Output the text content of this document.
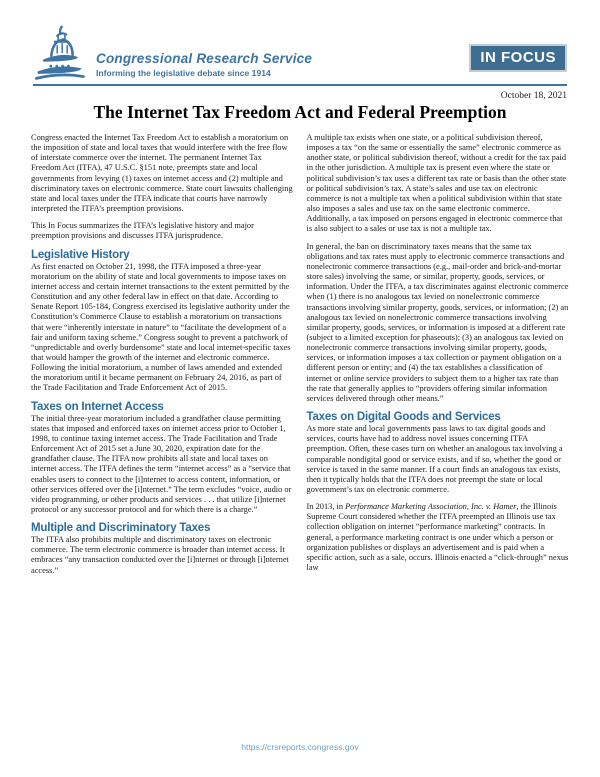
Congressional Research Service
Informing the legislative debate since 1914
IN FOCUS
October 18, 2021
The Internet Tax Freedom Act and Federal Preemption

Congress enacted the Internet Tax Freedom Act to establish a moratorium on the imposition of state and local taxes that would interfere with the free flow of interstate commerce over the internet. The permanent Internet Tax Freedom Act (ITFA), 47 U.S.C. §151 note, preempts state and local governments from levying (1) taxes on internet access and (2) multiple and discriminatory taxes on electronic commerce. State court lawsuits challenging state and local taxes under the ITFA indicate that courts have narrowly interpreted the ITFA’s preemption provisions.

This In Focus summarizes the ITFA’s legislative history and major preemption provisions and discusses ITFA jurisprudence.

Legislative History

As first enacted on October 21, 1998, the ITFA imposed a three-year moratorium on the ability of state and local governments to impose taxes on internet access and certain internet transactions to the extent permitted by the Constitution and any other federal law in effect on that date. According to Senate Report 105-184, Congress exercised its legislative authority under the Constitution’s Commerce Clause to establish a moratorium on transactions that were “inherently interstate in nature” to “facilitate the development of a fair and uniform taxing scheme.” Congress sought to prevent a patchwork of “unpredictable and overly burdensome” state and local internet-specific taxes that would hamper the growth of the internet and electronic commerce. Following the initial moratorium, a number of laws amended and extended the moratorium until it became permanent on February 24, 2016, as part of the Trade Facilitation and Trade Enforcement Act of 2015.

Taxes on Internet Access

The initial three-year moratorium included a grandfather clause permitting states that imposed and enforced taxes on internet access prior to October 1, 1998, to continue taxing internet access. The Trade Facilitation and Trade Enforcement Act of 2015 set a June 30, 2020, expiration date for the grandfather clause. The ITFA now prohibits all state and local taxes on internet access. The ITFA defines the term “internet access” as a “service that enables users to connect to the [i]nternet to access content, information, or other services offered over the [i]nternet.” The term excludes “voice, audio or video programming, or other products and services . . . that utilize [i]nternet protocol or any successor protocol and for which there is a charge.”

Multiple and Discriminatory Taxes

The ITFA also prohibits multiple and discriminatory taxes on electronic commerce. The term electronic commerce is broader than internet access. It embraces “any transaction conducted over the [i]nternet or through [i]nternet access.”

A multiple tax exists when one state, or a political subdivision thereof, imposes a tax “on the same or essentially the same” electronic commerce as another state, or political subdivision thereof, without a credit for the tax paid in the other jurisdiction. A multiple tax is present even where the state or political subdivision’s tax uses a different tax rate or basis than the other state or political subdivision’s tax. A state’s sales and use tax on electronic commerce is not a multiple tax when a political subdivision within that state also imposes a sales and use tax on the same electronic commerce. Additionally, a tax imposed on persons engaged in electronic commerce that is also subject to a sales or use tax is not a multiple tax.

In general, the ban on discriminatory taxes means that the same tax obligations and tax rates must apply to electronic commerce transactions and nonelectronic commerce transactions (e.g., mail-order and brick-and-mortar store sales) involving the same, or similar, property, goods, services, or information. Under the ITFA, a tax discriminates against electronic commerce when (1) there is no analogous tax levied on nonelectronic commerce transactions involving similar property, goods, services, or information; (2) an analogous tax levied on nonelectronic commerce transactions involving similar property, goods, services, or information is imposed at a different rate (subject to a limited exception for phaseouts); (3) an analogous tax levied on nonelectronic commerce transactions involving similar property, goods, services, or information imposes a tax collection or payment obligation on a different person or entity; and (4) the tax establishes a classification of internet or online service providers to subject them to a higher tax rate than the rate that generally applies to “providers offering similar information services delivered through other means.”

Taxes on Digital Goods and Services

As more state and local governments pass laws to tax digital goods and services, courts have had to address novel issues concerning ITFA preemption. Often, these cases turn on whether an analogous tax involving a comparable nondigital good or service exists, and if so, whether the good or service is taxed in the same manner. If a court finds an analogous tax exists, then it typically holds that the ITFA does not preempt the state or local government’s tax on electronic commerce.

In 2013, in Performance Marketing Association, Inc. v. Hamer, the Illinois Supreme Court considered whether the ITFA preempted an Illinois use tax collection obligation on internet “performance marketing” contracts. In general, a performance marketing contract is one under which a person or organization publishes or displays an advertisement and is paid when a specific action, such as a sale, occurs. Illinois enacted a “click-through” nexus law

https://crsreports.congress.gov
